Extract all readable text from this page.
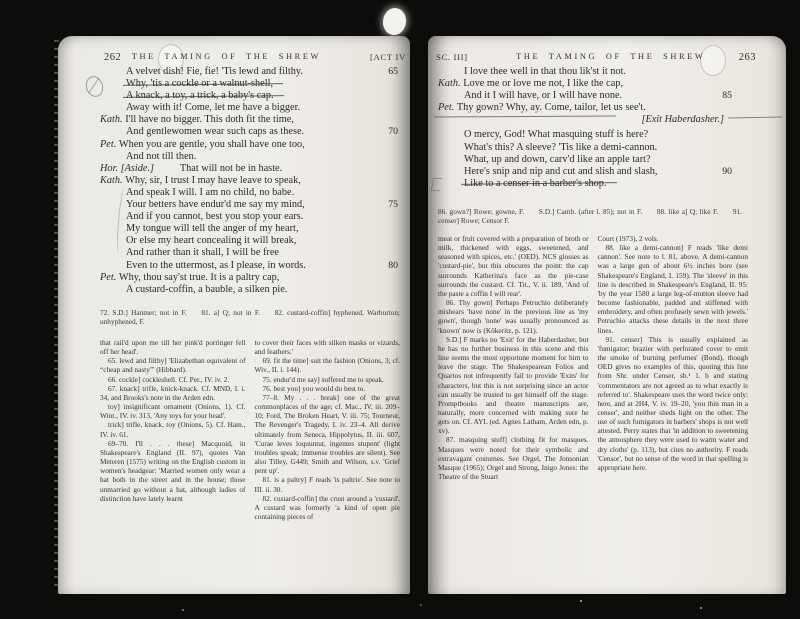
262 THE TAMING OF THE SHREW	[ACT IV
A velvet dish! Fie, fie! 'Tis lewd and filthy.	65
Why, 'tis a cockle or a walnut-shell,
A knack, a toy, a trick, a baby's cap.
Away with it! Come, let me have a bigger.
Kath. I'll have no bigger. This doth fit the time,
And gentlewomen wear such caps as these.	70
Pet. When you are gentle, you shall have one too,
And not till then.
Hor. [Aside.]   That will not be in haste.
Kath. Why, sir, I trust I may have leave to speak,
And speak I will. I am no child, no babe.
Your betters have endur'd me say my mind,	75
And if you cannot, best you stop your ears.
My tongue will tell the anger of my heart,
Or else my heart concealing it will break,
And rather than it shall, I will be free
Even to the uttermost, as I please, in words.	80
Pet. Why, thou say'st true. It is a paltry cap,
A custard-coffin, a bauble, a silken pie.
72. S.D.] Hanmer; not in F.  81. a] Q; not in F.  82. custard-coffin] hyphened, Warburton; unhyphened, F.

that rail'd upon me till her pink'd porringer fell off her head'.

65. lewd and filthy] 'Elizabethan equivalent of “cheap and nasty”' (Hibbard).

66. cockle] cockleshell. Cf. Per., IV. iv. 2.

67. knack] trifle, knick-knack. Cf. MND, I. i. 34, and Brooks's note in the Arden edn.

toy] insignificant ornament (Onions, 1). Cf. Wint., IV. iv. 313, 'Any toys for your head'.

trick] trifle, knack, toy (Onions, 5). Cf. Ham., IV. iv. 61.

69–70. I'll . . . these] Macquoid, in Shakespeare's England (II. 97), quotes Van Meteren (1575) writing on the English custom in women's headgear: 'Married women only wear a hat both in the street and in the house; those unmarried go without a hat, although ladies of distinction have lately learnt

to cover their faces with silken masks or vizards, and feathers.'

69. fit the time] suit the fashion (Onions, 3; cf. Wiv., II. i. 144).

75. endur'd me say] suffered me to speak.

76. best you] you would do best to.

77–8. My . . . break] one of the great commonplaces of the age; cf. Mac., IV. iii. 209–10; Ford, The Broken Heart, V. iii. 75; Tourneur, The Revenger's Tragedy, I. iv. 23–4. All derive ultimately from Seneca, Hippolytus, II. iii. 607, 'Curae leves loquuntur, ingentes stupent' (light troubles speak; immense troubles are silent). See also Tilley, G449; Smith and Wilson, s.v. 'Grief pent up'.

81. is a paltry] F reads 'is paltrie'. See note to III. ii. 30.

82. custard-coffin] the crust around a 'custard'. A custard was formerly 'a kind of open pie containing pieces of

SC. III]	THE TAMING OF THE SHREW	263
I love thee well in that thou lik'st it not.
Kath. Love me or love me not, I like the cap,
And it I will have, or I will have none.	85
Pet. Thy gown? Why, ay. Come, tailor, let us see't.
[Exit Haberdasher.]
O mercy, God! What masquing stuff is here?
What's this? A sleeve? 'Tis like a demi-cannon.
What, up and down, carv'd like an apple tart?
Here's snip and nip and cut and slish and slash,	90
Like to a censer in a barber's shop.
86. gown?] Rowe; gowne, F.  S.D.] Camb. (after l. 85); not in F.  88. like a] Q; like F.  91. censer] Rowe; Censor F.

meat or fruit covered with a preparation of broth or milk, thickened with eggs, sweetened, and seasoned with spices, etc.' (OED). NCS glosses as 'custard-pie', but this obscures the point: the cap surrounds Katherina's face as the pie-case surrounds the custard. Cf. Tit., V. ii. 189, 'And of the paste a coffin I will rear'.

86. Thy gown] Perhaps Petruchio deliberately mishears 'have none' in the previous line as 'my gown', though 'none' was usually pronounced as 'known' now is (Kökeritz, p. 121).

S.D.] F marks no 'Exit' for the Haberdasher, but he has no further business in this scene and this line seems the most opportune moment for him to leave the stage. The Shakespearean Folios and Quartos not infrequently fail to provide 'Exits' for characters, but this is not surprising since an actor can usually be trusted to get himself off the stage. Promptbooks and theatre manuscripts are, naturally, more concerned with making sure he gets on. Cf. AYL (ed. Agnes Latham, Arden edn, p. xv).

87. masquing stuff] clothing fit for masques. Masques were noted for their symbolic and extravagant costumes. See Orgel, The Jonsonian Masque (1965); Orgel and Strong, Inigo Jones: the Theatre of the Stuart

Court (1973), 2 vols.

88. like a demi-cannon] F reads 'like demi cannon'. See note to l. 81, above. A demi-cannon was a large gun of about 6½ inches bore (see Shakespeare's England, I. 159). The 'sleeve' in this line is described in Shakespeare's England, II. 95: 'by the year 1580 a large leg-of-mutton sleeve had become fashionable, padded and stiffened with embroidery, and often profusely sewn with jewels.' Petruchio attacks these details in the next three lines.

91. censer] This is usually explained as 'fumigator; brazier with perforated cover to emit the smoke of burning perfumes' (Bond), though OED gives no examples of this, quoting this line from Shr. under Censer, sb.¹ 1. b and stating 'commentators are not agreed as to what exactly is referred to'. Shakespeare uses the word twice only: here, and at 2H4, V. iv. 19–20, 'you thin man in a censer', and neither sheds light on the other. The use of such fumigators in barbers' shops is not well attested. Perry states that 'in addition to sweetening the atmosphere they were used to warm water and dry cloths' (p. 113), but cites no authority. F reads 'Censor', but no sense of the word in that spelling is appropriate here.
